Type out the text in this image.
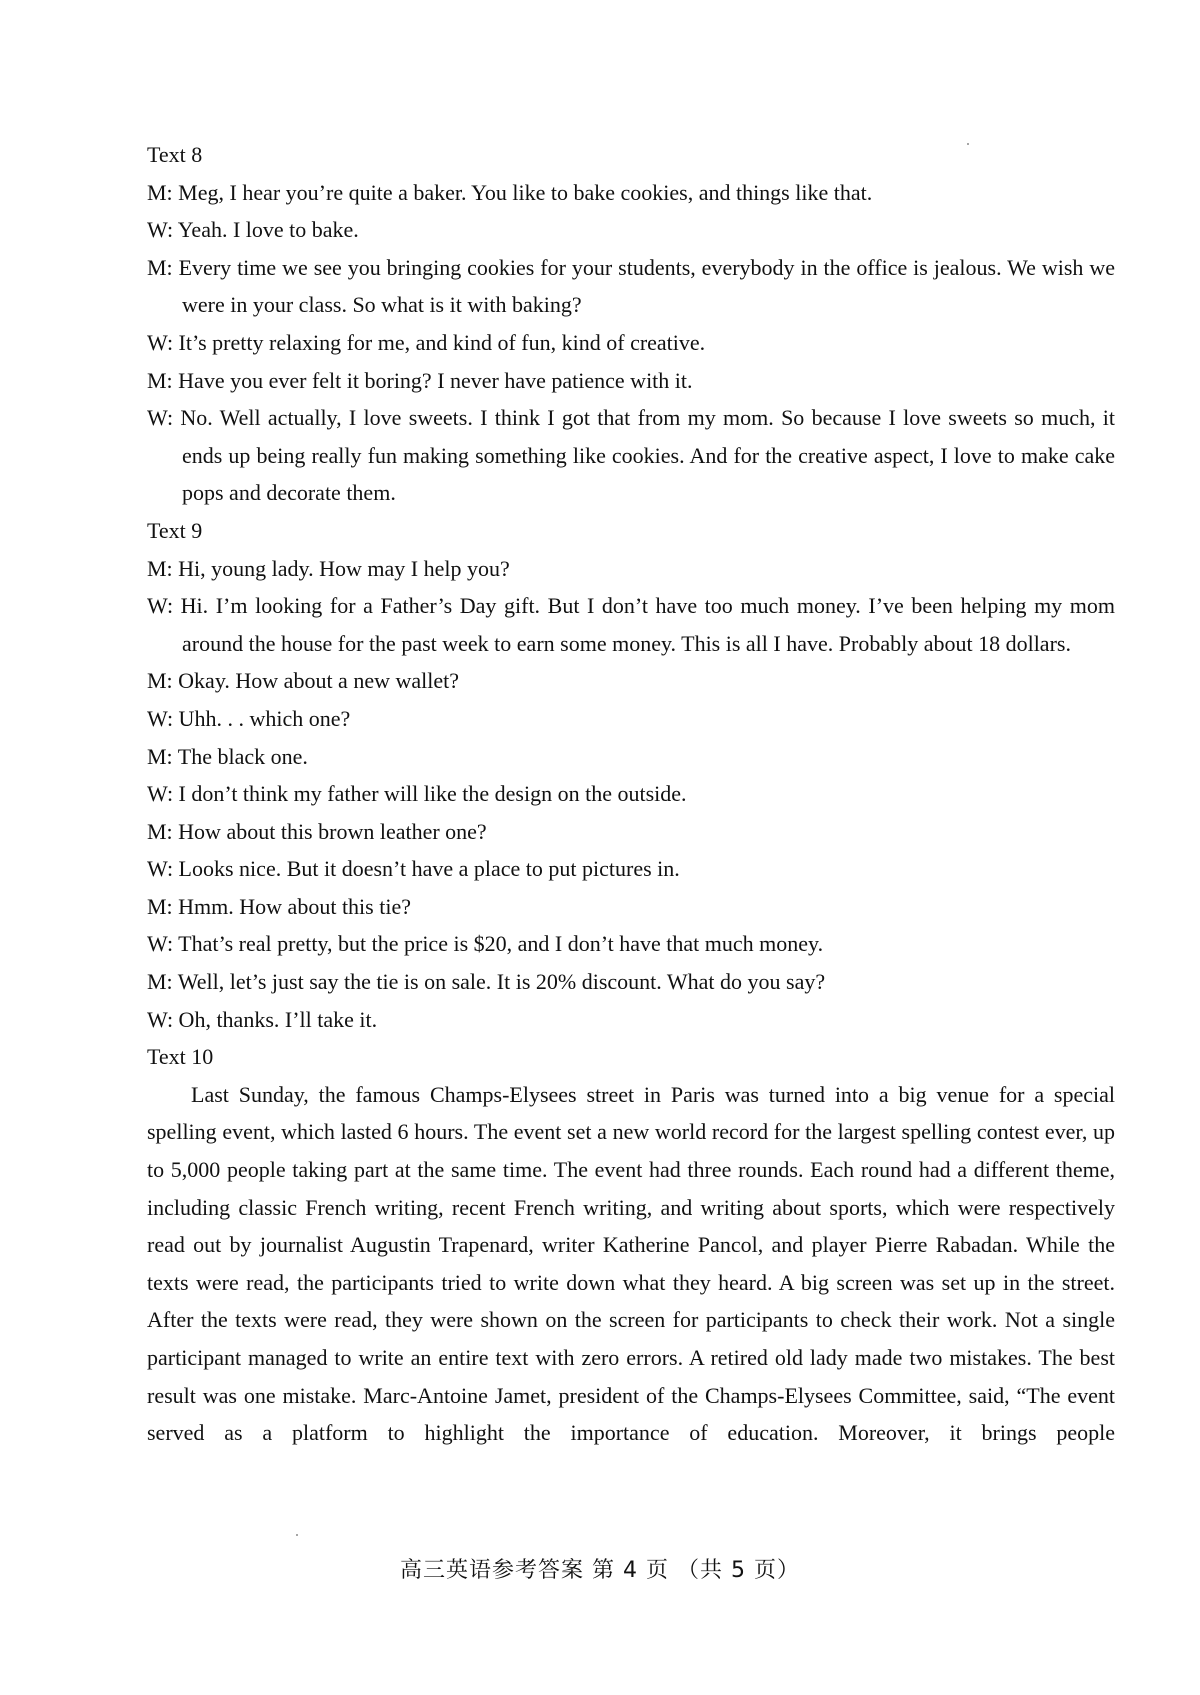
Text 8

M: Meg, I hear you’re quite a baker. You like to bake cookies, and things like that.

W: Yeah. I love to bake.

M: Every time we see you bringing cookies for your students, everybody in the office is jealous. We wish we were in your class. So what is it with baking?

W: It’s pretty relaxing for me, and kind of fun, kind of creative.

M: Have you ever felt it boring? I never have patience with it.

W: No. Well actually, I love sweets. I think I got that from my mom. So because I love sweets so much, it ends up being really fun making something like cookies. And for the creative aspect, I love to make cake pops and decorate them.

Text 9

M: Hi, young lady. How may I help you?

W: Hi. I’m looking for a Father’s Day gift. But I don’t have too much money. I’ve been helping my mom around the house for the past week to earn some money. This is all I have. Probably about 18 dollars.

M: Okay. How about a new wallet?

W: Uhh. . . which one?

M: The black one.

W: I don’t think my father will like the design on the outside.

M: How about this brown leather one?

W: Looks nice. But it doesn’t have a place to put pictures in.

M: Hmm. How about this tie?

W: That’s real pretty, but the price is $20, and I don’t have that much money.

M: Well, let’s just say the tie is on sale. It is 20% discount. What do you say?

W: Oh, thanks. I’ll take it.

Text 10

Last Sunday, the famous Champs-Elysees street in Paris was turned into a big venue for a special spelling event, which lasted 6 hours. The event set a new world record for the largest spelling contest ever, up to 5,000 people taking part at the same time. The event had three rounds. Each round had a different theme, including classic French writing, recent French writing, and writing about sports, which were respectively read out by journalist Augustin Trapenard, writer Katherine Pancol, and player Pierre Rabadan. While the texts were read, the participants tried to write down what they heard. A big screen was set up in the street. After the texts were read, they were shown on the screen for participants to check their work. Not a single participant managed to write an entire text with zero errors. A retired old lady made two mistakes. The best result was one mistake. Marc-Antoine Jamet, president of the Champs-Elysees Committee, said, “The event served as a platform to highlight the importance of education. Moreover, it brings people

高三英语参考答案 第 4 页 （共 5 页）
